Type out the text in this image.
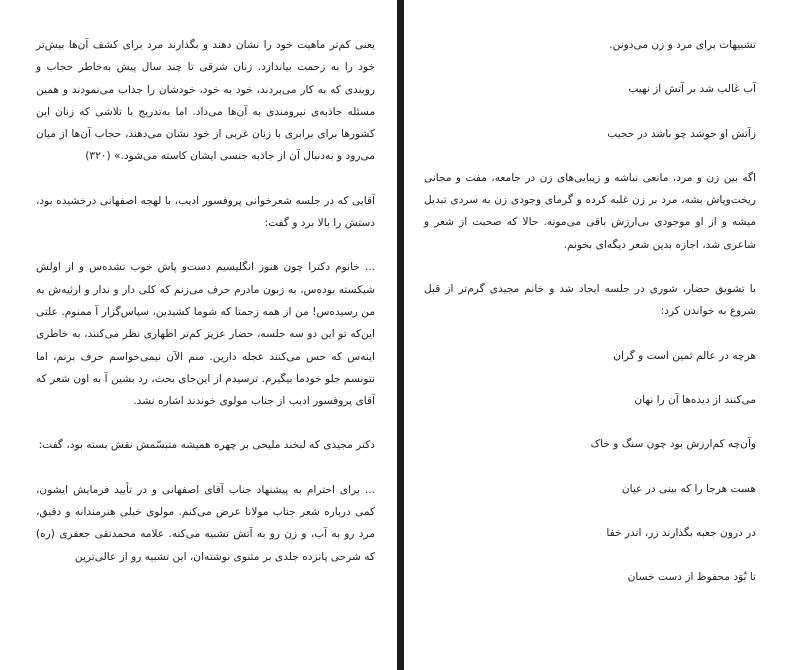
یعنی کم‌تر ماهیت خود را نشان دهند و بگذارند مرد برای کشف آن‌ها بیش‌تر خود را به زحمت بیاندازد. زنان شرقی تا چند سال پیش به‌خاطر حجاب و روبندی که به کار می‌بردند، خود به خود، خودشان را جذاب می‌نمودند و همین مسئله جاذبه‌ی نیرومندی به آن‌ها می‌داد. اما به‌تدریج با تلاشی که زنان این کشورها برای برابری با زنان غربی از خود نشان می‌دهند، حجاب آن‌ها از میان می‌رود و به‌دنبال آن از جاذبه جنسی ایشان کاسته می‌شود.» (۳۲۰)

آقایی که در جلسه شعرخوانی پروفسور ادیب، با لهجه اصفهانی درخشیده بود، دستش را بالا برد و گفت:

... خانوم دکترا چون هنوز انگلیسیم دست‌و پاش خوب نشده‌س و از اولش شیکسته بوده‌س، به زبون مادرم حرف می‌زنم که کلی دار و ندار و ارثیه‌ش به من رسیده‌س! من از همه زحمتا که شوما کشیدین، سپاس‌گزار آ ممنوم. علتی این‌که تو این دو سه جلسه، حضار عزیز کم‌تر اظهاری نظر می‌کنند، به خاطری اینه‌س که حس می‌کنند عجله دارین. منم الآن نیمی‌خواسم حرف بزنم، اما نتونسم جلو خودما بیگیرم. ترسیدم از این‌جای بحث، رد بشین آ به اون شعر که آقای پروفسور ادیب از جناب مولوی خوندند اشاره نشد.

دکتر مجیدی که لبخند ملیحی بر چهره همیشه متبسّمش نقش بسته بود، گفت:

... برای احترام به پیشنهاد جناب آقای اصفهانی و در تأیید فرمایش ایشون، کمی درباره شعر جناب مولانا عرض می‌کنم. مولوی خیلی هنرمندانه و دقیق، مرد رو به آب، و زن رو به آتش تشبیه می‌کنه. علامه محمدتقی جعفری (ره) که شرحی پانزده جلدی بر مثنوی نوشته‌ان، این تشبیه رو از عالی‌ترین

تشبیهات برای مرد و زن می‌دونن.

آب غالب شد بر آتش از نهیب

زآتش او جوشد چو باشد در حجیب

اگه بین زن و مرد، مانعی نباشه و زیبایی‌های زن در جامعه، مفت و مجانی ریخت‌وپاش بشه، مرد بر زن غلبه کرده و گرمای وجودی زن به سردی تبدیل میشه و از او موجودی بی‌ارزش باقی می‌مونه. حالا که صحبت از شعر و شاعری شد، اجازه بدین شعر دیگه‌ای بخونم.

با تشویق حضار، شوری در جلسه ایجاد شد و خانم مجیدی گرم‌تر از قبل شروع به خواندن کرد:

هرچه در عالم ثمین است و گران

می‌کنند از دیده‌ها آن را نهان

وآن‌چه کم‌ارزش بود چون سنگ و خاک

هست هرجا را که بینی در عیان

در درون جعبه بگذارند زر، اندر خفا

تا بُوَد محفوظ از دست خسان
